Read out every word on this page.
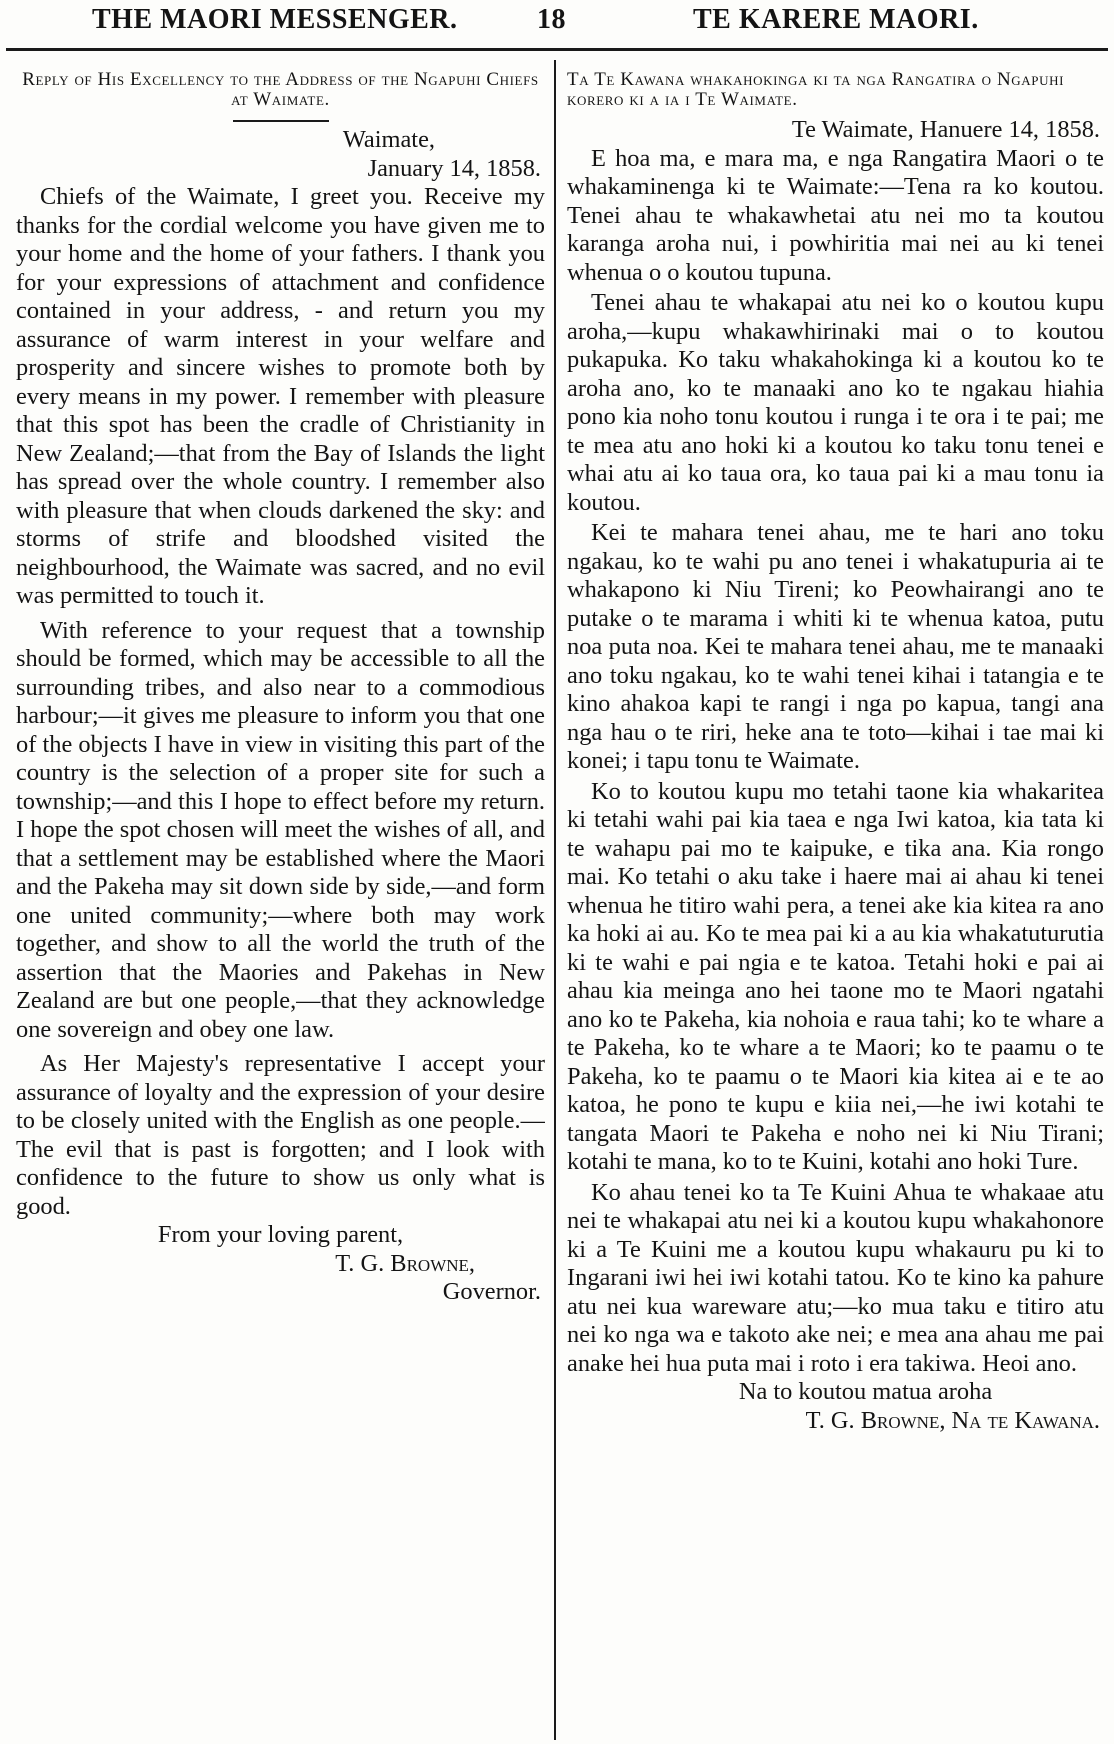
THE MAORI MESSENGER.	18	TE KARERE MAORI.
Reply of His Excellency to the Address of the Ngapuhi Chiefs at Waimate.

Waimate,

January 14, 1858.

Chiefs of the Waimate, I greet you. Receive my thanks for the cordial welcome you have given me to your home and the home of your fathers. I thank you for your expressions of attachment and confidence contained in your address, - and return you my assurance of warm interest in your welfare and prosperity and sincere wishes to promote both by every means in my power. I remember with pleasure that this spot has been the cradle of Christianity in New Zealand;—that from the Bay of Islands the light has spread over the whole country. I remember also with pleasure that when clouds darkened the sky: and storms of strife and bloodshed visited the neighbourhood, the Waimate was sacred, and no evil was permitted to touch it.

With reference to your request that a township should be formed, which may be accessible to all the surrounding tribes, and also near to a commodious harbour;—it gives me pleasure to inform you that one of the objects I have in view in visiting this part of the country is the selection of a proper site for such a township;—and this I hope to effect before my return. I hope the spot chosen will meet the wishes of all, and that a settlement may be established where the Maori and the Pakeha may sit down side by side,—and form one united community;—where both may work together, and show to all the world the truth of the assertion that the Maories and Pakehas in New Zealand are but one people,—that they acknowledge one sovereign and obey one law.

As Her Majesty's representative I accept your assurance of loyalty and the expression of your desire to be closely united with the English as one people.—The evil that is past is forgotten; and I look with confidence to the future to show us only what is good.

From your loving parent,

T. G. Browne,

Governor.

Ta Te Kawana whakahokinga ki ta nga Rangatira o Ngapuhi korero ki a ia i Te Waimate.

Te Waimate, Hanuere 14, 1858.

E hoa ma, e mara ma, e nga Rangatira Maori o te whakaminenga ki te Waimate:—Tena ra ko koutou. Tenei ahau te whakawhetai atu nei mo ta koutou karanga aroha nui, i powhiritia mai nei au ki tenei whenua o o koutou tupuna.

Tenei ahau te whakapai atu nei ko o koutou kupu aroha,—kupu whakawhirinaki mai o to koutou pukapuka. Ko taku whakahokinga ki a koutou ko te aroha ano, ko te manaaki ano ko te ngakau hiahia pono kia noho tonu koutou i runga i te ora i te pai; me te mea atu ano hoki ki a koutou ko taku tonu tenei e whai atu ai ko taua ora, ko taua pai ki a mau tonu ia koutou.

Kei te mahara tenei ahau, me te hari ano toku ngakau, ko te wahi pu ano tenei i whakatupuria ai te whakapono ki Niu Tireni; ko Peowhairangi ano te putake o te marama i whiti ki te whenua katoa, putu noa puta noa. Kei te mahara tenei ahau, me te manaaki ano toku ngakau, ko te wahi tenei kihai i tatangia e te kino ahakoa kapi te rangi i nga po kapua, tangi ana nga hau o te riri, heke ana te toto—kihai i tae mai ki konei; i tapu tonu te Waimate.

Ko to koutou kupu mo tetahi taone kia whakaritea ki tetahi wahi pai kia taea e nga Iwi katoa, kia tata ki te wahapu pai mo te kaipuke, e tika ana. Kia rongo mai. Ko tetahi o aku take i haere mai ai ahau ki tenei whenua he titiro wahi pera, a tenei ake kia kitea ra ano ka hoki ai au. Ko te mea pai ki a au kia whakatuturutia ki te wahi e pai ngia e te katoa. Tetahi hoki e pai ai ahau kia meinga ano hei taone mo te Maori ngatahi ano ko te Pakeha, kia nohoia e raua tahi; ko te whare a te Pakeha, ko te whare a te Maori; ko te paamu o te Pakeha, ko te paamu o te Maori kia kitea ai e te ao katoa, he pono te kupu e kiia nei,—he iwi kotahi te tangata Maori te Pakeha e noho nei ki Niu Tirani; kotahi te mana, ko to te Kuini, kotahi ano hoki Ture.

Ko ahau tenei ko ta Te Kuini Ahua te whakaae atu nei te whakapai atu nei ki a koutou kupu whakahonore ki a Te Kuini me a koutou kupu whakauru pu ki to Ingarani iwi hei iwi kotahi tatou. Ko te kino ka pahure atu nei kua wareware atu;—ko mua taku e titiro atu nei ko nga wa e takoto ake nei; e mea ana ahau me pai anake hei hua puta mai i roto i era takiwa. Heoi ano.

Na to koutou matua aroha

T. G. Browne, Na te Kawana.
